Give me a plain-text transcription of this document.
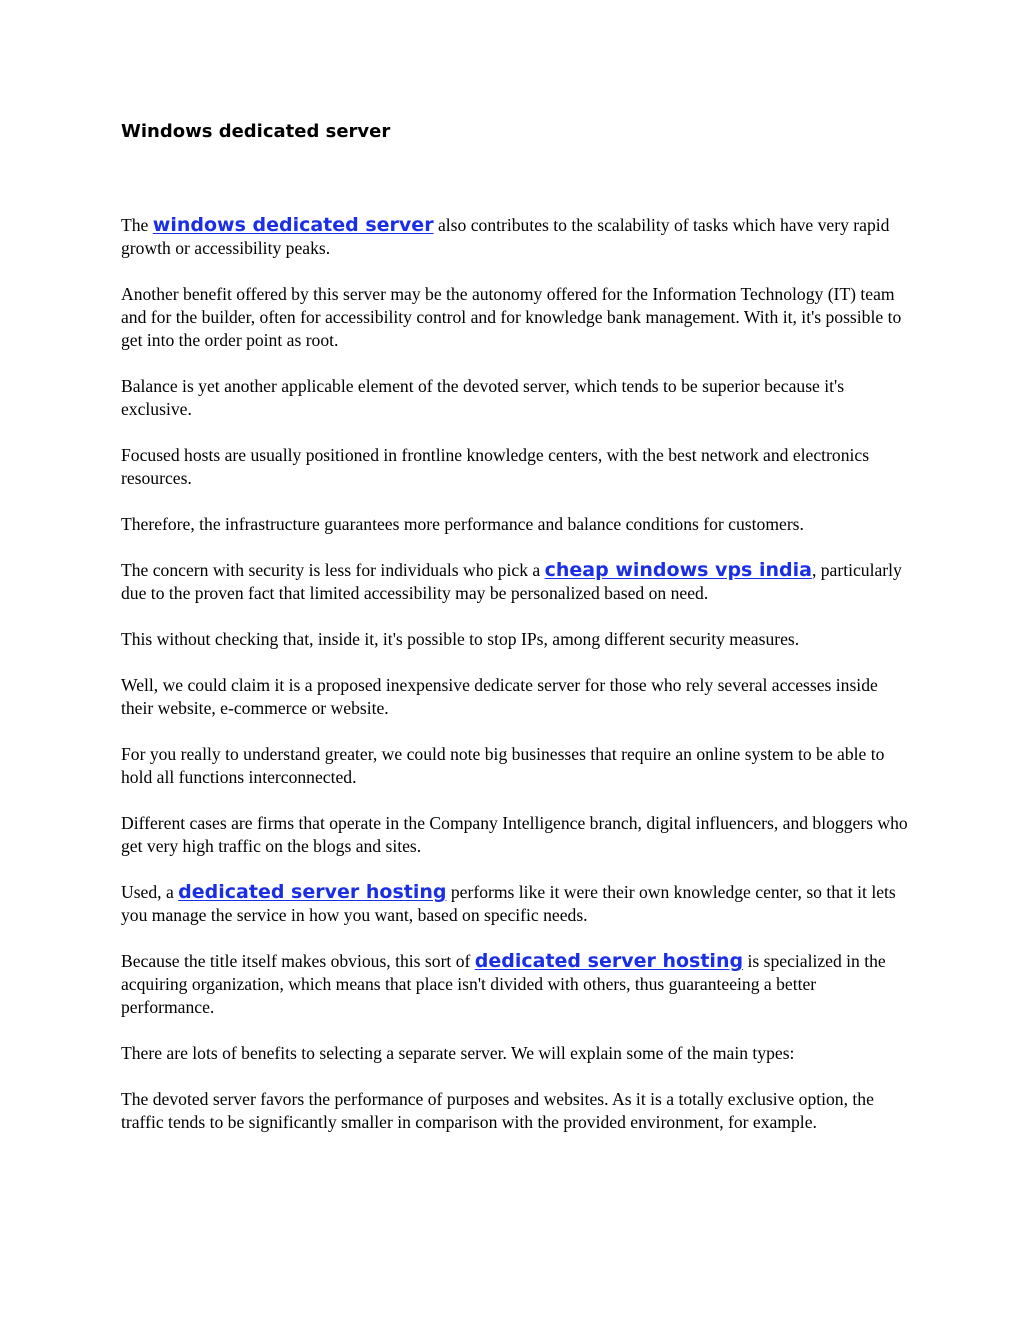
Windows dedicated server

The windows dedicated server also contributes to the scalability of tasks which have very rapid growth or accessibility peaks.

Another benefit offered by this server may be the autonomy offered for the Information Technology (IT) team and for the builder, often for accessibility control and for knowledge bank management. With it, it's possible to get into the order point as root.

Balance is yet another applicable element of the devoted server, which tends to be superior because it's exclusive.

Focused hosts are usually positioned in frontline knowledge centers, with the best network and electronics resources.

Therefore, the infrastructure guarantees more performance and balance conditions for customers.

The concern with security is less for individuals who pick a cheap windows vps india, particularly due to the proven fact that limited accessibility may be personalized based on need.

This without checking that, inside it, it's possible to stop IPs, among different security measures.

Well, we could claim it is a proposed inexpensive dedicate server for those who rely several accesses inside their website, e-commerce or website.

For you really to understand greater, we could note big businesses that require an online system to be able to hold all functions interconnected.

Different cases are firms that operate in the Company Intelligence branch, digital influencers, and bloggers who get very high traffic on the blogs and sites.

Used, a dedicated server hosting performs like it were their own knowledge center, so that it lets you manage the service in how you want, based on specific needs.

Because the title itself makes obvious, this sort of dedicated server hosting is specialized in the acquiring organization, which means that place isn't divided with others, thus guaranteeing a better performance.

There are lots of benefits to selecting a separate server. We will explain some of the main types:

The devoted server favors the performance of purposes and websites. As it is a totally exclusive option, the traffic tends to be significantly smaller in comparison with the provided environment, for example.
